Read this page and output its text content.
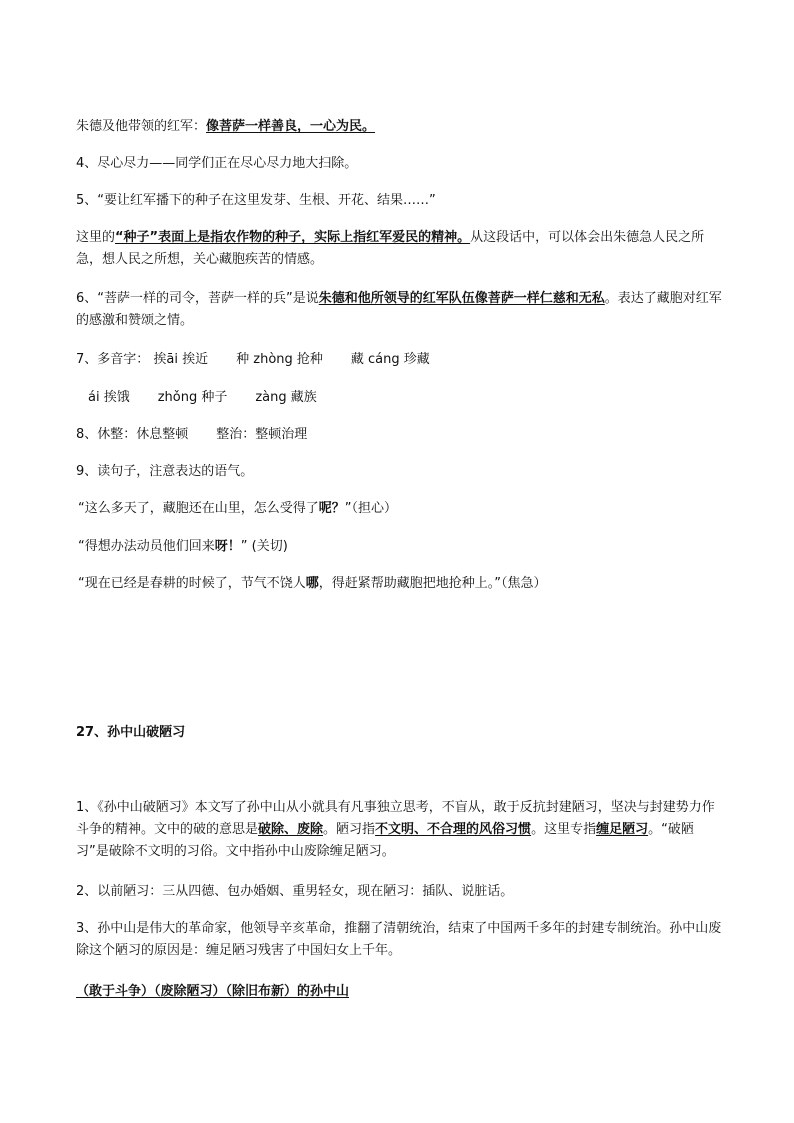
朱德及他带领的红军：像菩萨一样善良，一心为民。
4、尽心尽力——同学们正在尽心尽力地大扫除。
5、“要让红军播下的种子在这里发芽、生根、开花、结果……”
这里的“种子”表面上是指农作物的种子，实际上指红军爱民的精神。从这段话中，可以体会出朱德急人民之所急，想人民之所想，关心藏胞疾苦的情感。
6、“菩萨一样的司令，菩萨一样的兵”是说朱德和他所领导的红军队伍像菩萨一样仁慈和无私。表达了藏胞对红军的感激和赞颂之情。
7、多音字： 挨āi 挨近 种 zhòng 抢种 藏 cáng 珍藏
ái 挨饿 zhǒng 种子 zàng 藏族
8、休整：休息整顿 整治：整顿治理
9、读句子，注意表达的语气。
“这么多天了，藏胞还在山里，怎么受得了呢？”（担心）
“得想办法动员他们回来呀！” (关切)
“现在已经是春耕的时候了，节气不饶人哪，得赶紧帮助藏胞把地抢种上。”（焦急）
27、孙中山破陋习
1、《孙中山破陋习》本文写了孙中山从小就具有凡事独立思考，不盲从，敢于反抗封建陋习，坚决与封建势力作斗争的精神。文中的破的意思是破除、废除。陋习指不文明、不合理的风俗习惯。这里专指缠足陋习。“破陋习”是破除不文明的习俗。文中指孙中山废除缠足陋习。
2、以前陋习：三从四德、包办婚姻、重男轻女，现在陋习：插队、说脏话。
3、孙中山是伟大的革命家，他领导辛亥革命，推翻了清朝统治，结束了中国两千多年的封建专制统治。孙中山废除这个陋习的原因是：缠足陋习残害了中国妇女上千年。
（敢于斗争）（废除陋习）（除旧布新）的孙中山
